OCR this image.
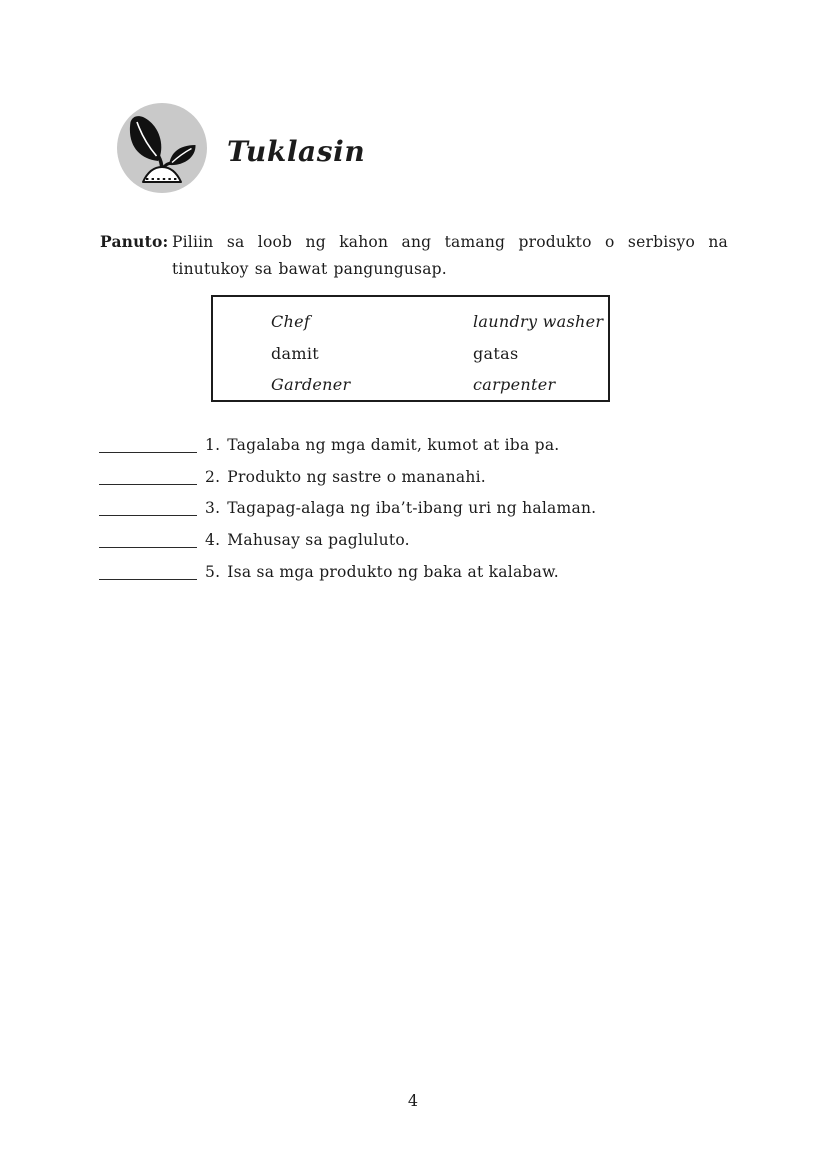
Tuklasin
Panuto: Piliin sa loob ng kahon ang tamang produkto o serbisyo na tinutukoy sa bawat pangungusap.
Chef	laundry washer
damit	gatas
Gardener	carpenter
1. Tagalaba ng mga damit, kumot at iba pa.
2. Produkto ng sastre o mananahi.
3. Tagapag-alaga ng iba’t-ibang uri ng halaman.
4. Mahusay sa pagluluto.
5. Isa sa mga produkto ng baka at kalabaw.
4
